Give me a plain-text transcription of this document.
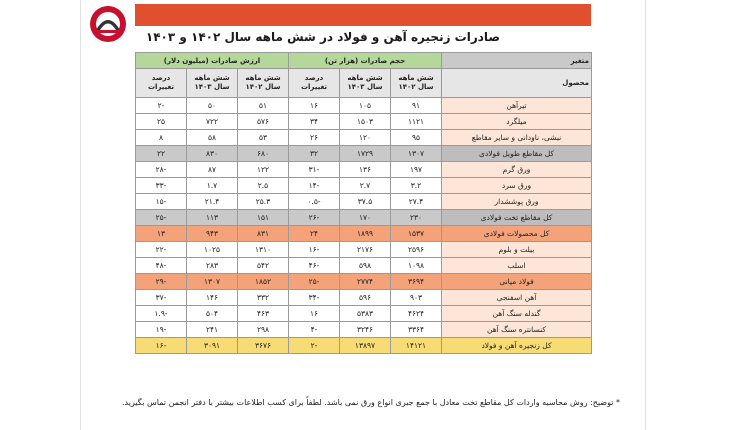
صادرات زنجیره آهن و فولاد در شش ماهه سال ۱۴۰۲ و ۱۴۰۳
متغیر	حجم صادرات (هزار تن)			ارزش صادرات (میلیون دلار)		
محصول	شش ماهه سال ۱۴۰۲	شش ماهه سال ۱۴۰۳	درصد تغییرات	شش ماهه سال ۱۴۰۲	شش ماهه سال ۱۴۰۳	درصد تغییرات
تیرآهن	۹۱	۱۰۵	۱۶	۵۱	۵۰	-۲
میلگرد	۱۱۲۱	۱۵۰۳	۳۴	۵۷۶	۷۲۲	۲۵
نبشی، ناودانی و سایر مقاطع	۹۵	۱۲۰	۲۶	۵۳	۵۸	۸
کل مقاطع طویل فولادی	۱۳۰۷	۱۷۲۹	۳۲	۶۸۰	۸۳۰	۲۲
ورق گرم	۱۹۷	۱۳۶	-۳۱	۱۲۲	۸۷	-۲۸
ورق سرد	۳.۲	۲.۷	-۱۴	۲.۵	۱.۷	-۳۳
ورق پوششدار	۲۷.۴	۳۷.۵	-۰.۵	۲۵.۳	۲۱.۴	-۱۵
کل مقاطع تخت فولادی	۲۳۰	۱۷۰	-۲۶	۱۵۱	۱۱۳	-۲۵
کل محصولات فولادی	۱۵۳۷	۱۸۹۹	۲۴	۸۳۱	۹۴۳	۱۳
بیلت و بلوم	۲۵۹۶	۲۱۷۶	-۱۶	۱۳۱۰	۱۰۲۵	-۲۲
اسلب	۱۰۹۸	۵۹۸	-۴۶	۵۴۲	۲۸۳	-۴۸
فولاد میانی	۳۶۹۴	۲۷۷۴	-۲۵	۱۸۵۲	۱۳۰۷	-۲۹
آهن اسفنجی	۹۰۳	۵۹۶	-۳۴	۳۳۲	۱۴۶	-۳۷
گندله سنگ آهن	۴۶۲۴	۵۳۸۳	۱۶	۴۶۳	۵۰۴	-۱.۹
کنسانتره سنگ آهن	۳۳۶۴	۳۲۴۶	-۴	۲۹۸	۲۴۱	-۱۹
کل زنجیره آهن و فولاد	۱۴۱۲۱	۱۳۸۹۷	-۲	۳۶۷۶	۳۰۹۱	-۱۶
* توضیح: روش محاسبه واردات کل مقاطع تخت معادل با جمع جبری انواع ورق نمی باشد. لطفاً برای کسب اطلاعات بیشتر با دفتر انجمن تماس بگیرید.
